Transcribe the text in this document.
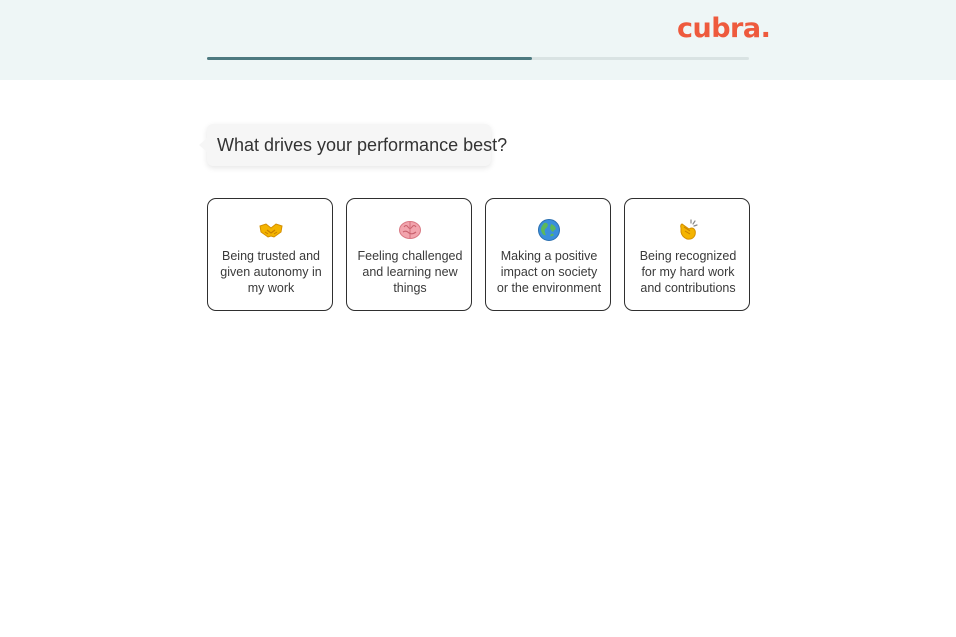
cubra.
What drives your performance best?
Being trusted and given autonomy in my work
Feeling challenged and learning new things
Making a positive impact on society or the environment
Being recognized for my hard work and contributions
